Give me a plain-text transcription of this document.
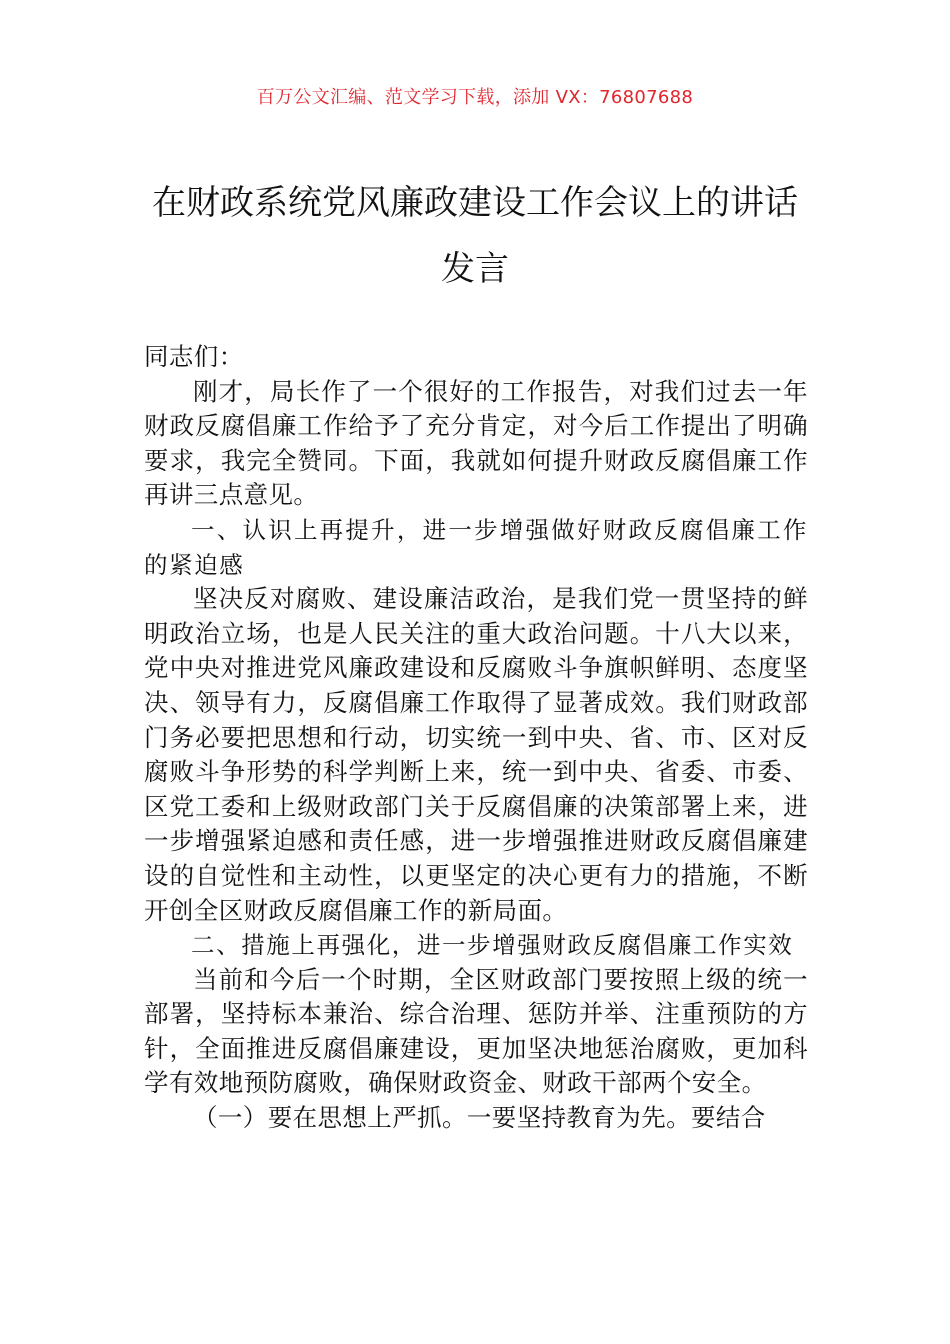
百万公文汇编、范文学习下载，添加 VX：76807688
在财政系统党风廉政建设工作会议上的讲话发言

同志们：

刚才，局长作了一个很好的工作报告，对我们过去一年财政反腐倡廉工作给予了充分肯定，对今后工作提出了明确要求，我完全赞同。下面，我就如何提升财政反腐倡廉工作再讲三点意见。

一、认识上再提升，进一步增强做好财政反腐倡廉工作的紧迫感

坚决反对腐败、建设廉洁政治，是我们党一贯坚持的鲜明政治立场，也是人民关注的重大政治问题。十八大以来，党中央对推进党风廉政建设和反腐败斗争旗帜鲜明、态度坚决、领导有力，反腐倡廉工作取得了显著成效。我们财政部门务必要把思想和行动，切实统一到中央、省、市、区对反腐败斗争形势的科学判断上来，统一到中央、省委、市委、区党工委和上级财政部门关于反腐倡廉的决策部署上来，进一步增强紧迫感和责任感，进一步增强推进财政反腐倡廉建设的自觉性和主动性，以更坚定的决心更有力的措施，不断开创全区财政反腐倡廉工作的新局面。

二、措施上再强化，进一步增强财政反腐倡廉工作实效

当前和今后一个时期，全区财政部门要按照上级的统一部署，坚持标本兼治、综合治理、惩防并举、注重预防的方针，全面推进反腐倡廉建设，更加坚决地惩治腐败，更加科学有效地预防腐败，确保财政资金、财政干部两个安全。

（一）要在思想上严抓。一要坚持教育为先。要结合
